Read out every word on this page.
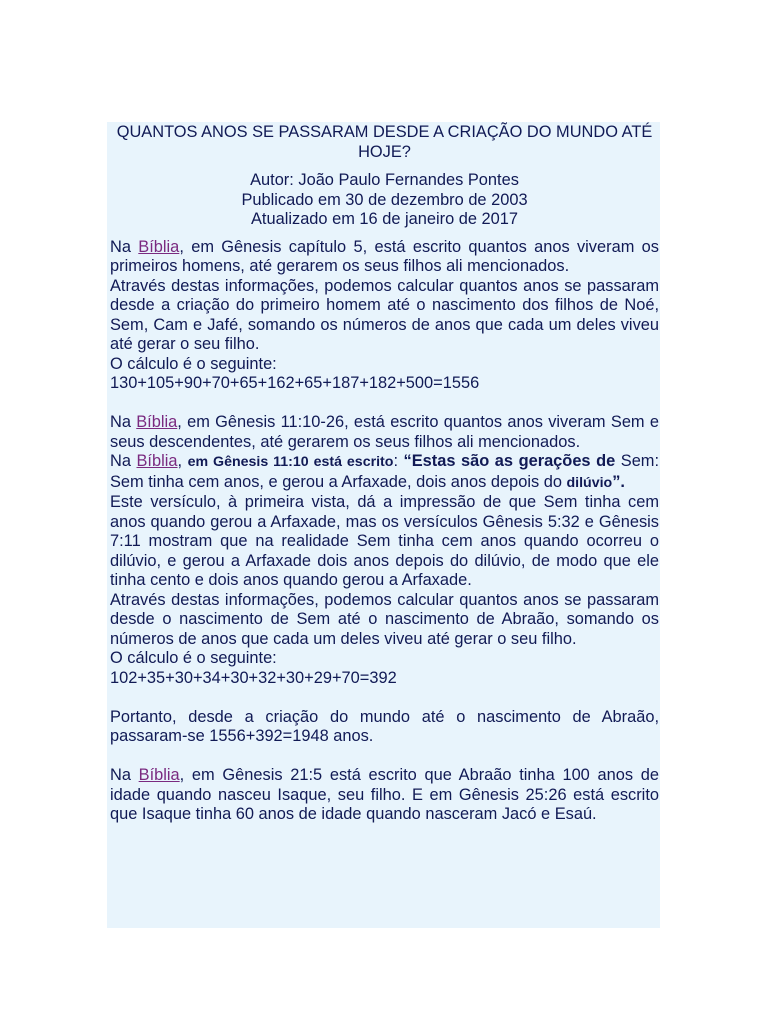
QUANTOS ANOS SE PASSARAM DESDE A CRIAÇÃO DO MUNDO ATÉ HOJE?

Autor: João Paulo Fernandes Pontes
Publicado em 30 de dezembro de 2003
Atualizado em 16 de janeiro de 2017

Na Bíblia, em Gênesis capítulo 5, está escrito quantos anos viveram os primeiros homens, até gerarem os seus filhos ali mencionados.

Através destas informações, podemos calcular quantos anos se passaram desde a criação do primeiro homem até o nascimento dos filhos de Noé, Sem, Cam e Jafé, somando os números de anos que cada um deles viveu até gerar o seu filho.

O cálculo é o seguinte:

130+105+90+70+65+162+65+187+182+500=1556

Na Bíblia, em Gênesis 11:10-26, está escrito quantos anos viveram Sem e seus descendentes, até gerarem os seus filhos ali mencionados.

Na Bíblia, em Gênesis 11:10 está escrito: “Estas são as gerações de Sem: Sem tinha cem anos, e gerou a Arfaxade, dois anos depois do dilúvio”.

Este versículo, à primeira vista, dá a impressão de que Sem tinha cem anos quando gerou a Arfaxade, mas os versículos Gênesis 5:32 e Gênesis 7:11 mostram que na realidade Sem tinha cem anos quando ocorreu o dilúvio, e gerou a Arfaxade dois anos depois do dilúvio, de modo que ele tinha cento e dois anos quando gerou a Arfaxade.

Através destas informações, podemos calcular quantos anos se passaram desde o nascimento de Sem até o nascimento de Abraão, somando os números de anos que cada um deles viveu até gerar o seu filho.

O cálculo é o seguinte:

102+35+30+34+30+32+30+29+70=392

Portanto, desde a criação do mundo até o nascimento de Abraão, passaram-se 1556+392=1948 anos.

Na Bíblia, em Gênesis 21:5 está escrito que Abraão tinha 100 anos de idade quando nasceu Isaque, seu filho. E em Gênesis 25:26 está escrito que Isaque tinha 60 anos de idade quando nasceram Jacó e Esaú.
